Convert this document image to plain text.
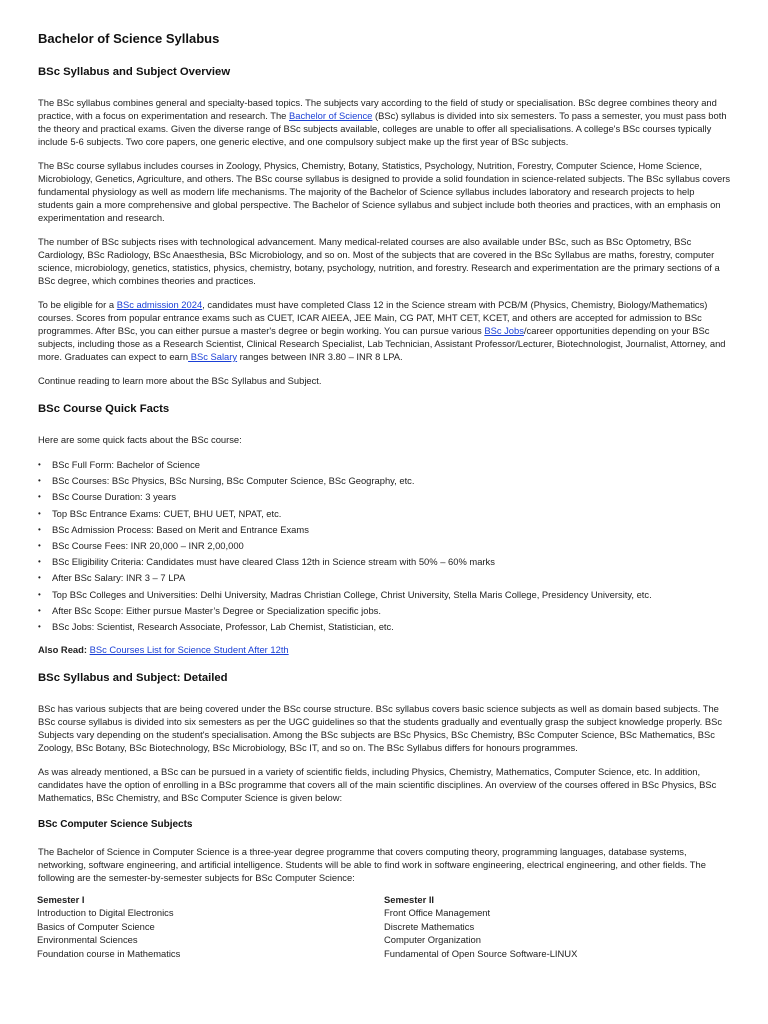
Bachelor of Science Syllabus
BSc Syllabus and Subject Overview

The BSc syllabus combines general and specialty-based topics. The subjects vary according to the field of study or specialisation. BSc degree combines theory and practice, with a focus on experimentation and research. The Bachelor of Science (BSc) syllabus is divided into six semesters. To pass a semester, you must pass both the theory and practical exams. Given the diverse range of BSc subjects available, colleges are unable to offer all specialisations. A college's BSc courses typically include 5-6 subjects. Two core papers, one generic elective, and one compulsory subject make up the first year of BSc subjects.

The BSc course syllabus includes courses in Zoology, Physics, Chemistry, Botany, Statistics, Psychology, Nutrition, Forestry, Computer Science, Home Science, Microbiology, Genetics, Agriculture, and others. The BSc course syllabus is designed to provide a solid foundation in science-related subjects. The BSc syllabus covers fundamental physiology as well as modern life mechanisms. The majority of the Bachelor of Science syllabus includes laboratory and research projects to help students gain a more comprehensive and global perspective. The Bachelor of Science syllabus and subject include both theories and practices, with an emphasis on experimentation and research.

The number of BSc subjects rises with technological advancement. Many medical-related courses are also available under BSc, such as BSc Optometry, BSc Cardiology, BSc Radiology, BSc Anaesthesia, BSc Microbiology, and so on. Most of the subjects that are covered in the BSc Syllabus are maths, forestry, computer science, microbiology, genetics, statistics, physics, chemistry, botany, psychology, nutrition, and forestry. Research and experimentation are the primary sections of a BSc degree, which combines theories and practices.

To be eligible for a BSc admission 2024, candidates must have completed Class 12 in the Science stream with PCB/M (Physics, Chemistry, Biology/Mathematics) courses. Scores from popular entrance exams such as CUET, ICAR AIEEA, JEE Main, CG PAT, MHT CET, KCET, and others are accepted for admission to BSc programmes. After BSc, you can either pursue a master's degree or begin working. You can pursue various BSc Jobs/career opportunities depending on your BSc subjects, including those as a Research Scientist, Clinical Research Specialist, Lab Technician, Assistant Professor/Lecturer, Biotechnologist, Journalist, Attorney, and more. Graduates can expect to earn BSc Salary ranges between INR 3.80 – INR 8 LPA.

Continue reading to learn more about the BSc Syllabus and Subject.

BSc Course Quick Facts

Here are some quick facts about the BSc course:

• BSc Full Form: Bachelor of Science
• BSc Courses: BSc Physics, BSc Nursing, BSc Computer Science, BSc Geography, etc.
• BSc Course Duration: 3 years
• Top BSc Entrance Exams: CUET, BHU UET, NPAT, etc.
• BSc Admission Process: Based on Merit and Entrance Exams
• BSc Course Fees: INR 20,000 – INR 2,00,000
• BSc Eligibility Criteria: Candidates must have cleared Class 12th in Science stream with 50% – 60% marks
• After BSc Salary: INR 3 – 7 LPA
• Top BSc Colleges and Universities: Delhi University, Madras Christian College, Christ University, Stella Maris College, Presidency University, etc.
• After BSc Scope: Either pursue Master’s Degree or Specialization specific jobs.
• BSc Jobs: Scientist, Research Associate, Professor, Lab Chemist, Statistician, etc.

Also Read: BSc Courses List for Science Student After 12th

BSc Syllabus and Subject: Detailed

BSc has various subjects that are being covered under the BSc course structure. BSc syllabus covers basic science subjects as well as domain based subjects. The BSc course syllabus is divided into six semesters as per the UGC guidelines so that the students gradually and eventually grasp the subject knowledge properly. BSc Subjects vary depending on the student's specialisation. Among the BSc subjects are BSc Physics, BSc Chemistry, BSc Computer Science, BSc Mathematics, BSc Zoology, BSc Botany, BSc Biotechnology, BSc Microbiology, BSc IT, and so on. The BSc Syllabus differs for honours programmes.

As was already mentioned, a BSc can be pursued in a variety of scientific fields, including Physics, Chemistry, Mathematics, Computer Science, etc. In addition, candidates have the option of enrolling in a BSc programme that covers all of the main scientific disciplines. An overview of the courses offered in BSc Physics, BSc Mathematics, BSc Chemistry, and BSc Computer Science is given below:

BSc Computer Science Subjects

The Bachelor of Science in Computer Science is a three-year degree programme that covers computing theory, programming languages, database systems, networking, software engineering, and artificial intelligence. Students will be able to find work in software engineering, electrical engineering, and other fields. The following are the semester-by-semester subjects for BSc Computer Science:

Semester I
Introduction to Digital Electronics
Basics of Computer Science
Environmental Sciences
Foundation course in Mathematics
Semester II
Front Office Management
Discrete Mathematics
Computer Organization
Fundamental of Open Source Software-LINUX
